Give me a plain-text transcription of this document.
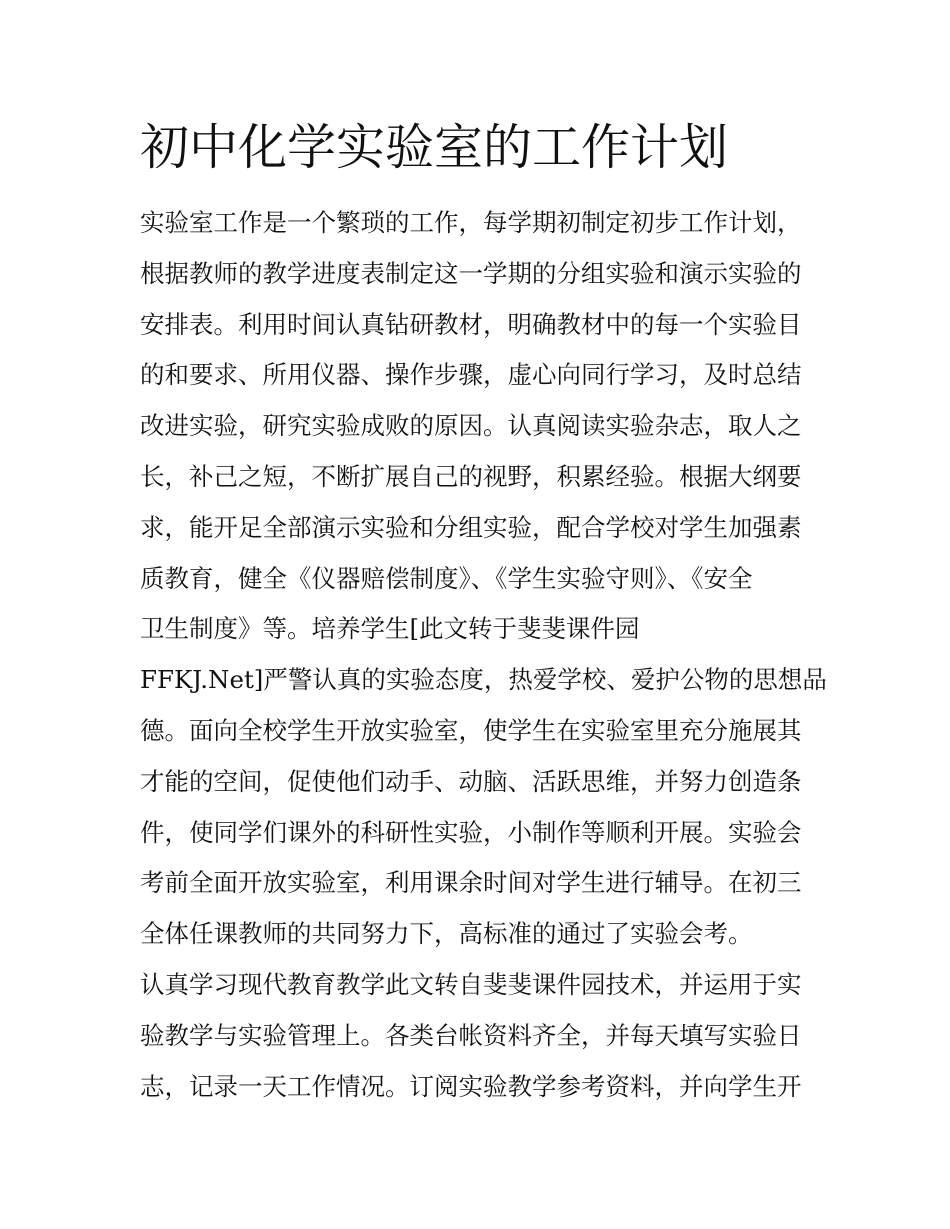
初中化学实验室的工作计划
实验室工作是一个繁琐的工作，每学期初制定初步工作计划，
根据教师的教学进度表制定这一学期的分组实验和演示实验的
安排表。利用时间认真钻研教材，明确教材中的每一个实验目
的和要求、所用仪器、操作步骤，虚心向同行学习，及时总结
改进实验，研究实验成败的原因。认真阅读实验杂志，取人之
长，补己之短，不断扩展自己的视野，积累经验。根据大纲要
求，能开足全部演示实验和分组实验，配合学校对学生加强素
质教育，健全《仪器赔偿制度》、《学生实验守则》、《安全
卫生制度》等。培养学生[此文转于斐斐课件园
FFKJ.Net]严警认真的实验态度，热爱学校、爱护公物的思想品
德。面向全校学生开放实验室，使学生在实验室里充分施展其
才能的空间，促使他们动手、动脑、活跃思维，并努力创造条
件，使同学们课外的科研性实验，小制作等顺利开展。实验会
考前全面开放实验室，利用课余时间对学生进行辅导。在初三
全体任课教师的共同努力下，高标准的通过了实验会考。
认真学习现代教育教学此文转自斐斐课件园技术，并运用于实
验教学与实验管理上。各类台帐资料齐全，并每天填写实验日
志，记录一天工作情况。订阅实验教学参考资料，并向学生开
